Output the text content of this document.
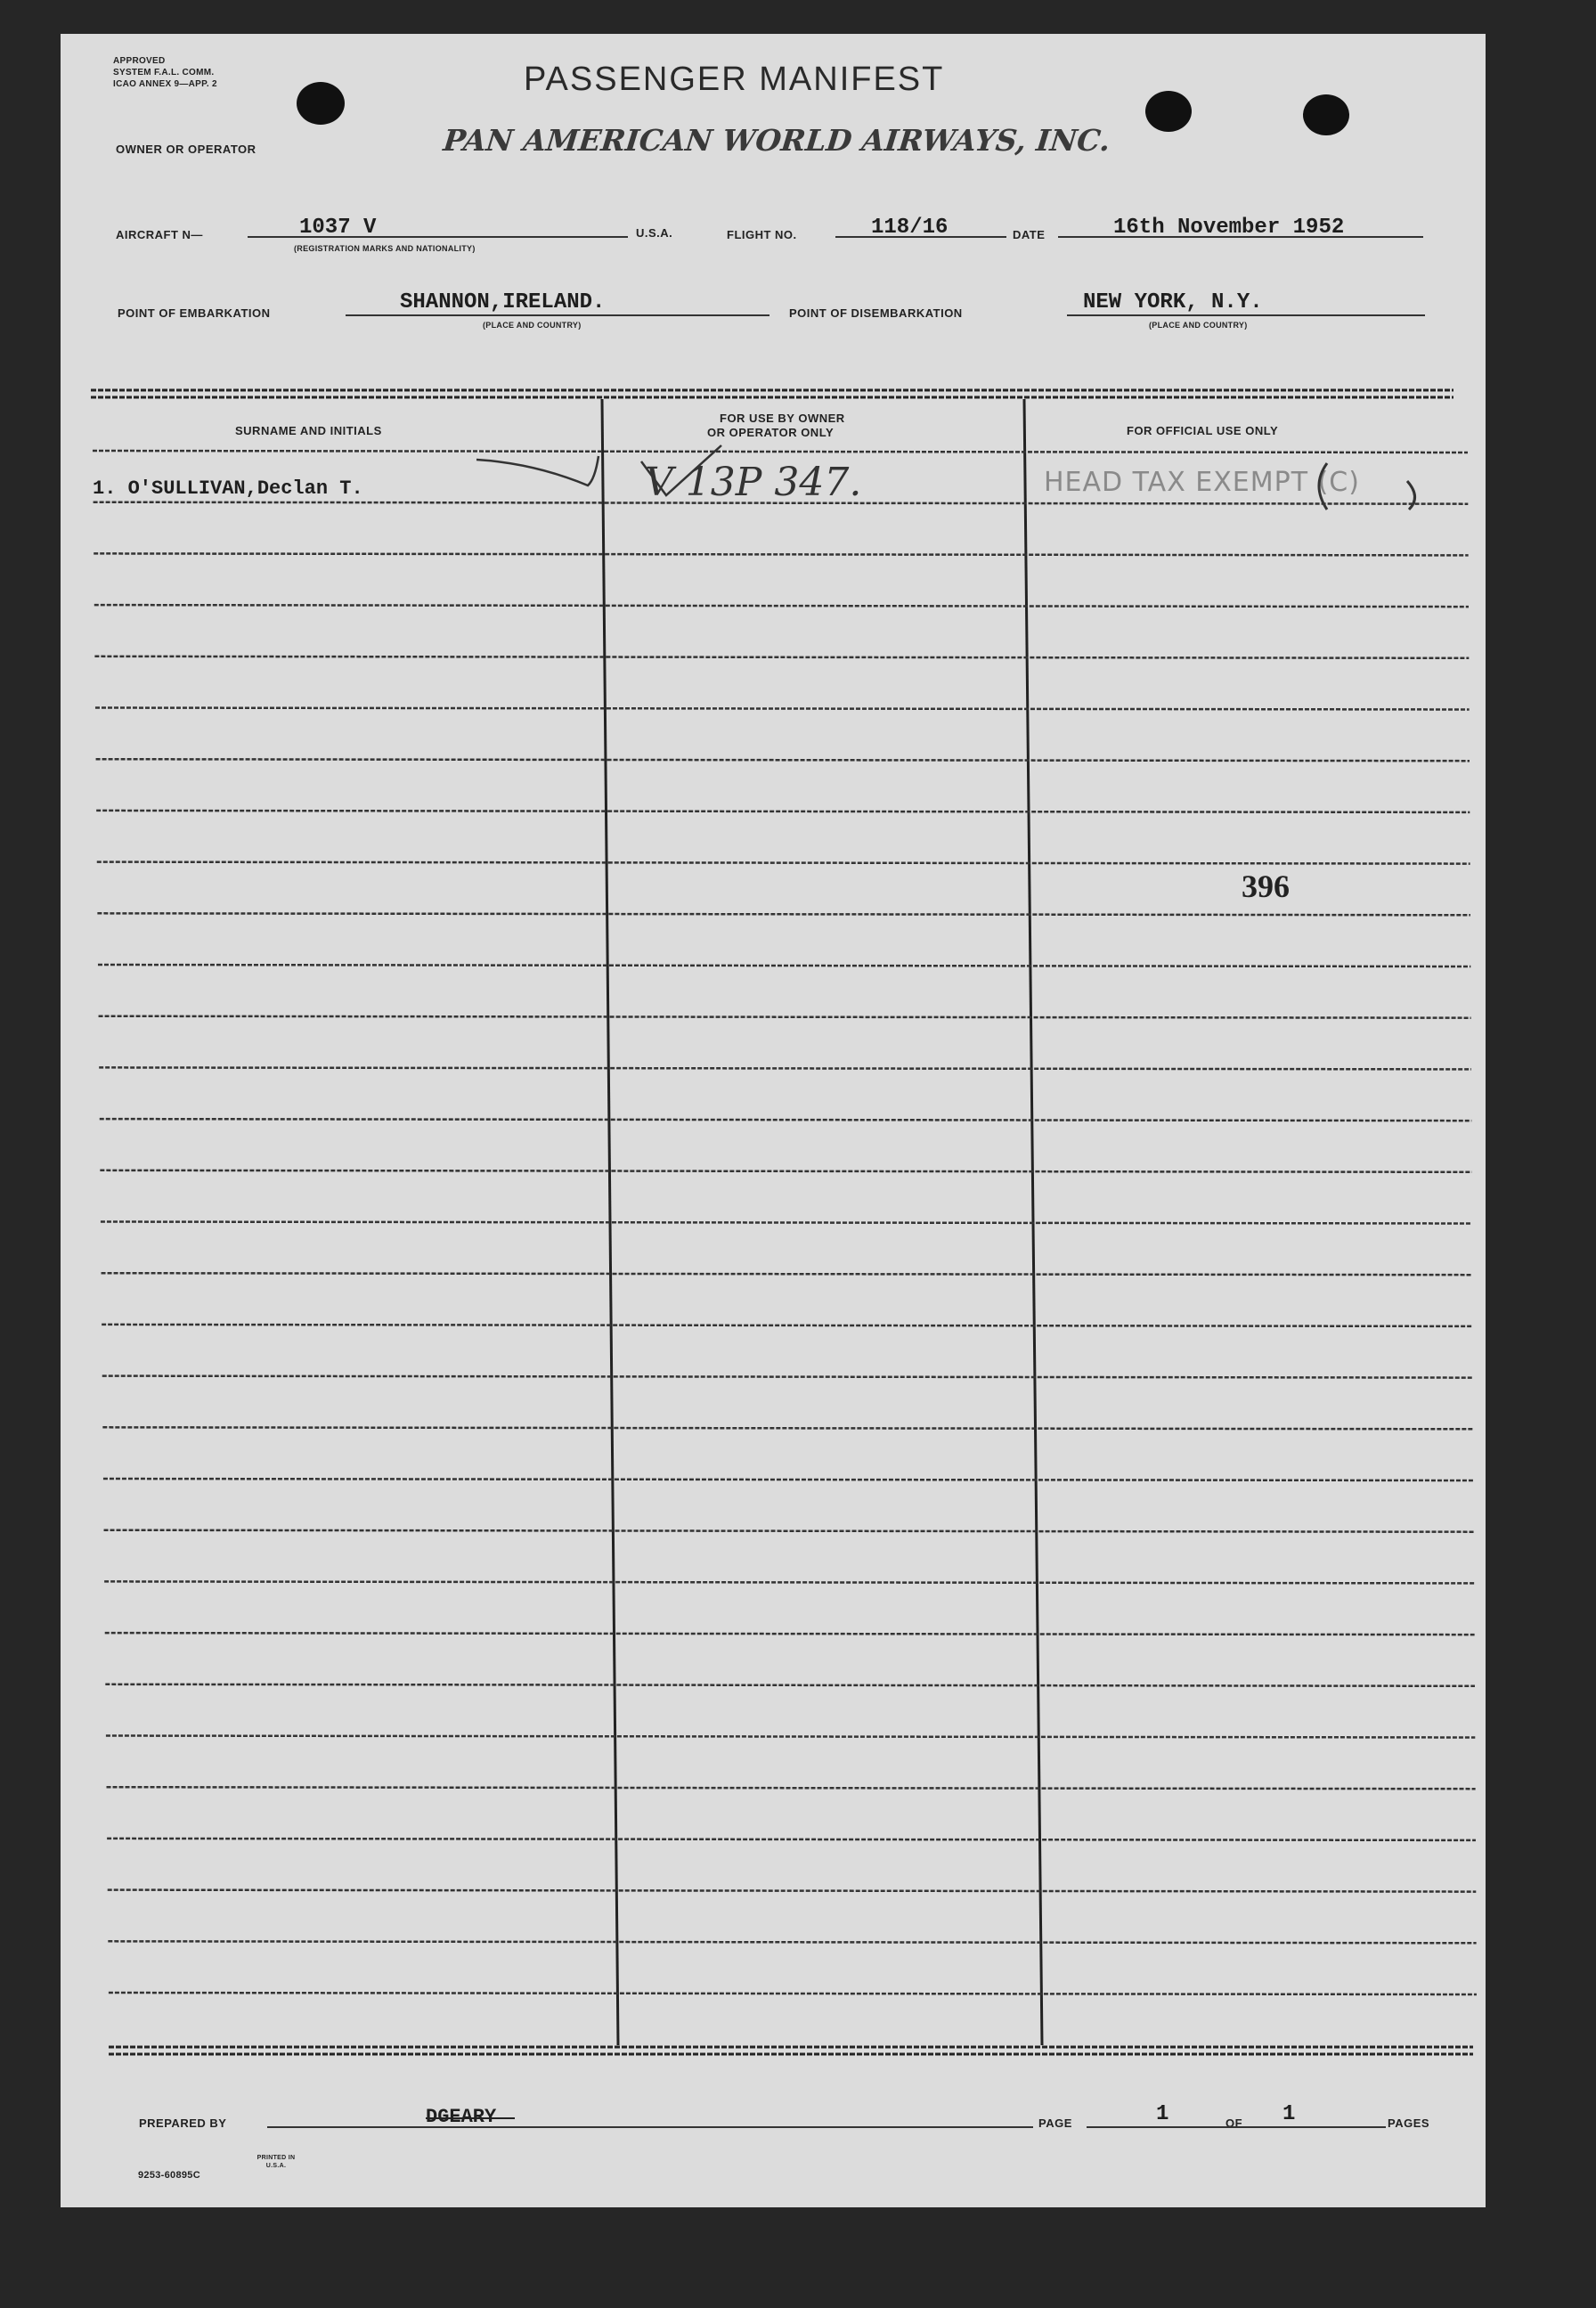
APPROVED
SYSTEM F.A.L. COMM.
ICAO ANNEX 9—APP. 2
OWNER OR OPERATOR
PASSENGER MANIFEST
PAN AMERICAN WORLD AIRWAYS, INC.
AIRCRAFT N—	1037 V
(REGISTRATION MARKS AND NATIONALITY)
U.S.A.	FLIGHT NO.	118/16	DATE	16th November 1952
POINT OF EMBARKATION	SHANNON,IRELAND.
(PLACE AND COUNTRY)
POINT OF DISEMBARKATION	NEW YORK, N.Y.
(PLACE AND COUNTRY)
SURNAME AND INITIALS
FOR USE BY OWNER
OR OPERATOR ONLY	FOR OFFICIAL USE ONLY
1. O'SULLIVAN,Declan T.	V 13P 347.	HEAD TAX EXEMPT (C)
396
PREPARED BY	DGEARY	PAGE	1	OF 1	PAGES
9253-60895C
PRINTED IN U.S.A.
